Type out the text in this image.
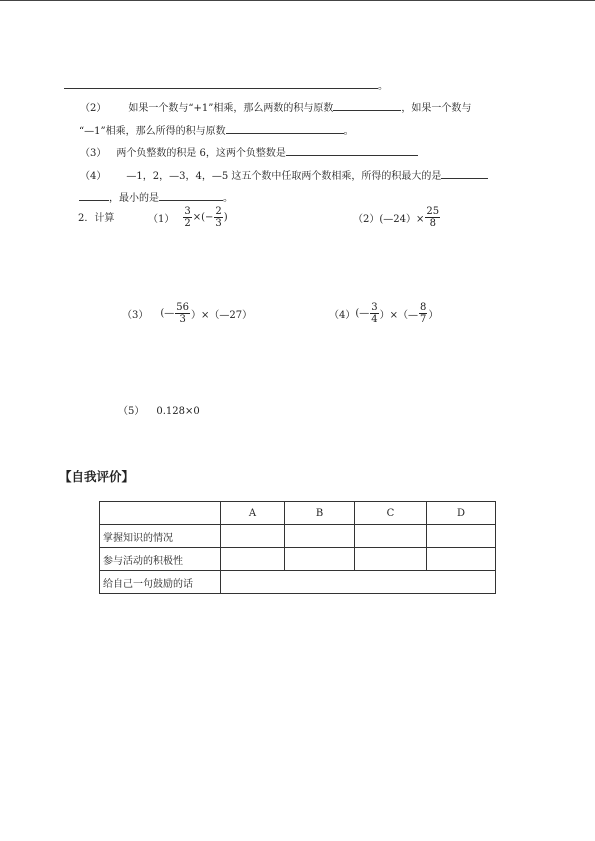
。
（2） 如果一个数与“+1”相乘，那么两数的积与原数	，如果一个数与
“—1”相乘，那么所得的积与原数	。
（3） 两个负整数的积是 6，这两个负整数是
（4） —1，2，—3，4，—5 这五个数中任取两个数相乘，所得的积最大的是
，最小的是	。
2．计算	$(1) \frac{3}{2}$ ×(− $\frac{2}{3}$ )	（2）(—24）× $\frac{25}{8}$
（3） (— $\frac{56}{3}$ ）×（—27）	（4）(— $\frac{3}{4}$ ）×（— $\frac{8}{7}$ ）
（5） 0.128×0
【自我评价】
	A	B	C	D
掌握知识的情况				
参与活动的积极性				
给自己一句鼓励的话				
